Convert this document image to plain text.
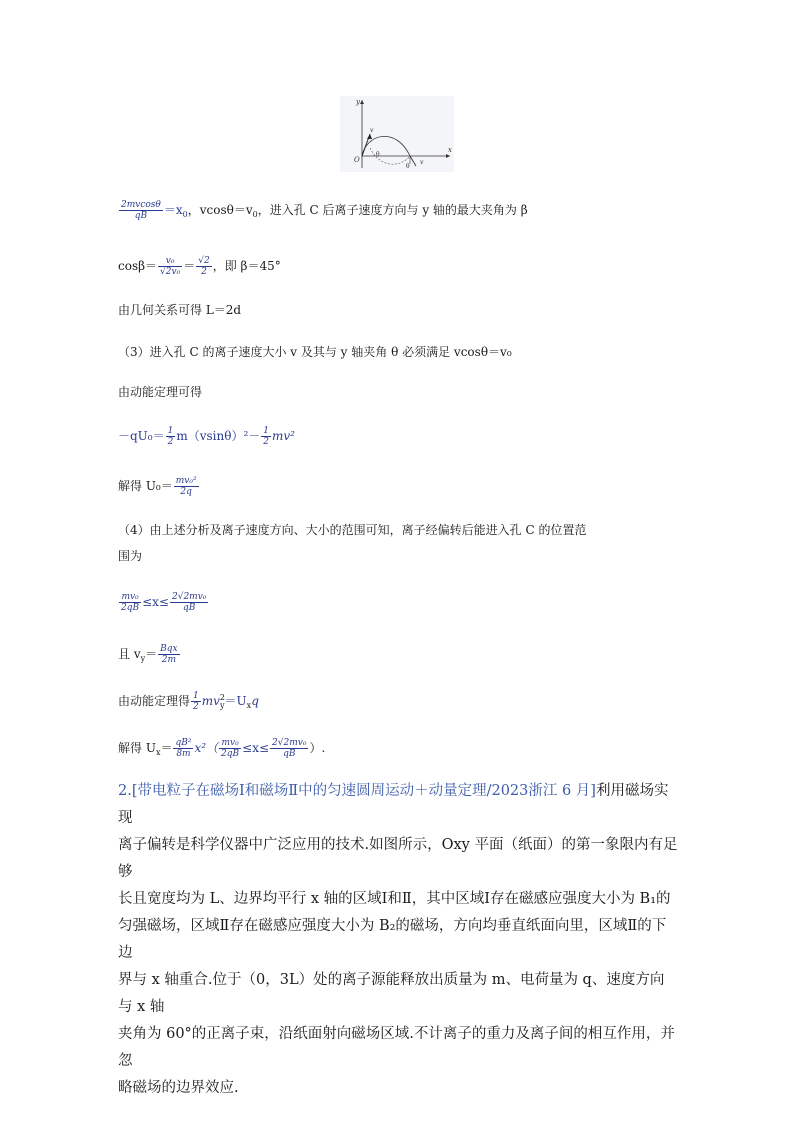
y
x
O
v
θ
v
θ
$\frac{2mvcos\theta}{qB} =x_0$，$vcos\theta=v_0$，进入孔 C 后离子速度方向与 y 轴的最大夹角为 β
$\cos\beta= \frac{\text{v₀}}{\text{√2v₀}} = \frac{√2}{2}$ ，即 β＝45°
由几何关系可得 L＝2d
（3）进入孔 C 的离子速度大小 v 及其与 y 轴夹角 θ 必须满足 vcosθ＝v₀
由动能定理可得
$-qU_0= \frac{1}{2} m(vsin\theta)^2- \frac{1}{2} mv^2$
解得 $U_0= \frac{\text{mv₀²}}{2q}$
（4）由上述分析及离子速度方向、大小的范围可知，离子经偏转后能进入孔 C 的位置范
围为
$\frac{\text{mv₀}}{2qB} \le x\le \frac{\text{2√2mv₀}}{qB}$
且 $v_y= \frac{\text{Bqx}}{2m}$
由动能定理得 $\frac{1}{2} mv^2_y=U_xq$
解得 $U_x= \frac{\text{qB²}}{8m} x^2( \frac{\text{mv₀}}{2qB} \le x\le \frac{\text{2√2mv₀}}{qB}$ ）.
2.[带电粒子在磁场Ⅰ和磁场Ⅱ中的匀速圆周运动＋动量定理/2023浙江 6 月]利用磁场实现
离子偏转是科学仪器中广泛应用的技术.如图所示，Oxy 平面（纸面）的第一象限内有足够
长且宽度均为 L、边界均平行 x 轴的区域Ⅰ和Ⅱ，其中区域Ⅰ存在磁感应强度大小为 B₁的
匀强磁场，区域Ⅱ存在磁感应强度大小为 B₂的磁场，方向均垂直纸面向里，区域Ⅱ的下边
界与 x 轴重合.位于（0，3L）处的离子源能释放出质量为 m、电荷量为 q、速度方向与 x 轴
夹角为 60°的正离子束，沿纸面射向磁场区域.不计离子的重力及离子间的相互作用，并忽
略磁场的边界效应.
